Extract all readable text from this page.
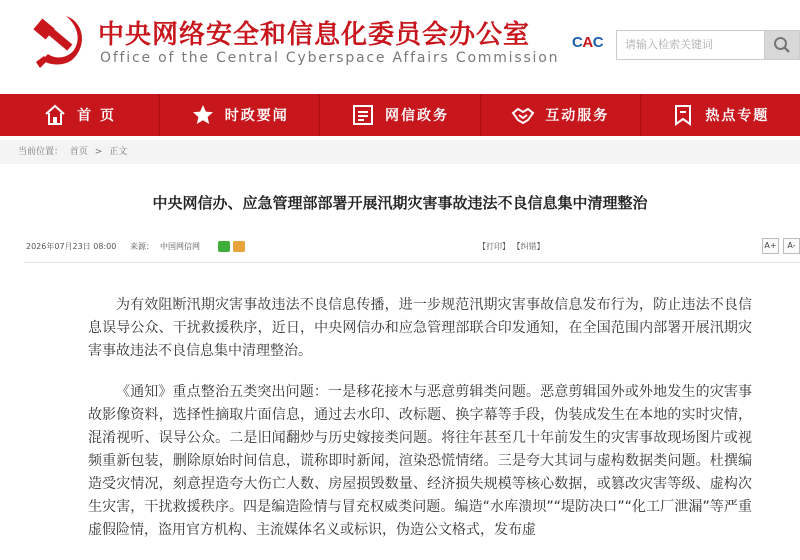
中央网络安全和信息化委员会办公室
Office of the Central Cyberspace Affairs Commission
CAC	请输入检索关键词
首 页	时政要闻	网信政务	互动服务	热点专题
当前位置： 首页 > 正文
中央网信办、应急管理部部署开展汛期灾害事故违法不良信息集中清理整治
2026年07月23日 08:00 来源： 中国网信网	【打印】 【纠错】	A+	A-

为有效阻断汛期灾害事故违法不良信息传播，进一步规范汛期灾害事故信息发布行为，防止违法不良信息误导公众、干扰救援秩序，近日，中央网信办和应急管理部联合印发通知，在全国范围内部署开展汛期灾害事故违法不良信息集中清理整治。

《通知》重点整治五类突出问题：一是移花接木与恶意剪辑类问题。恶意剪辑国外或外地发生的灾害事故影像资料，选择性摘取片面信息，通过去水印、改标题、换字幕等手段，伪装成发生在本地的实时灾情，混淆视听、误导公众。二是旧闻翻炒与历史嫁接类问题。将往年甚至几十年前发生的灾害事故现场图片或视频重新包装，删除原始时间信息，谎称即时新闻，渲染恐慌情绪。三是夸大其词与虚构数据类问题。杜撰编造受灾情况，刻意捏造夸大伤亡人数、房屋损毁数量、经济损失规模等核心数据，或篡改灾害等级、虚构次生灾害，干扰救援秩序。四是编造险情与冒充权威类问题。编造“水库溃坝”“堤防决口”“化工厂泄漏”等严重虚假险情，盗用官方机构、主流媒体名义或标识，伪造公文格式，发布虚
